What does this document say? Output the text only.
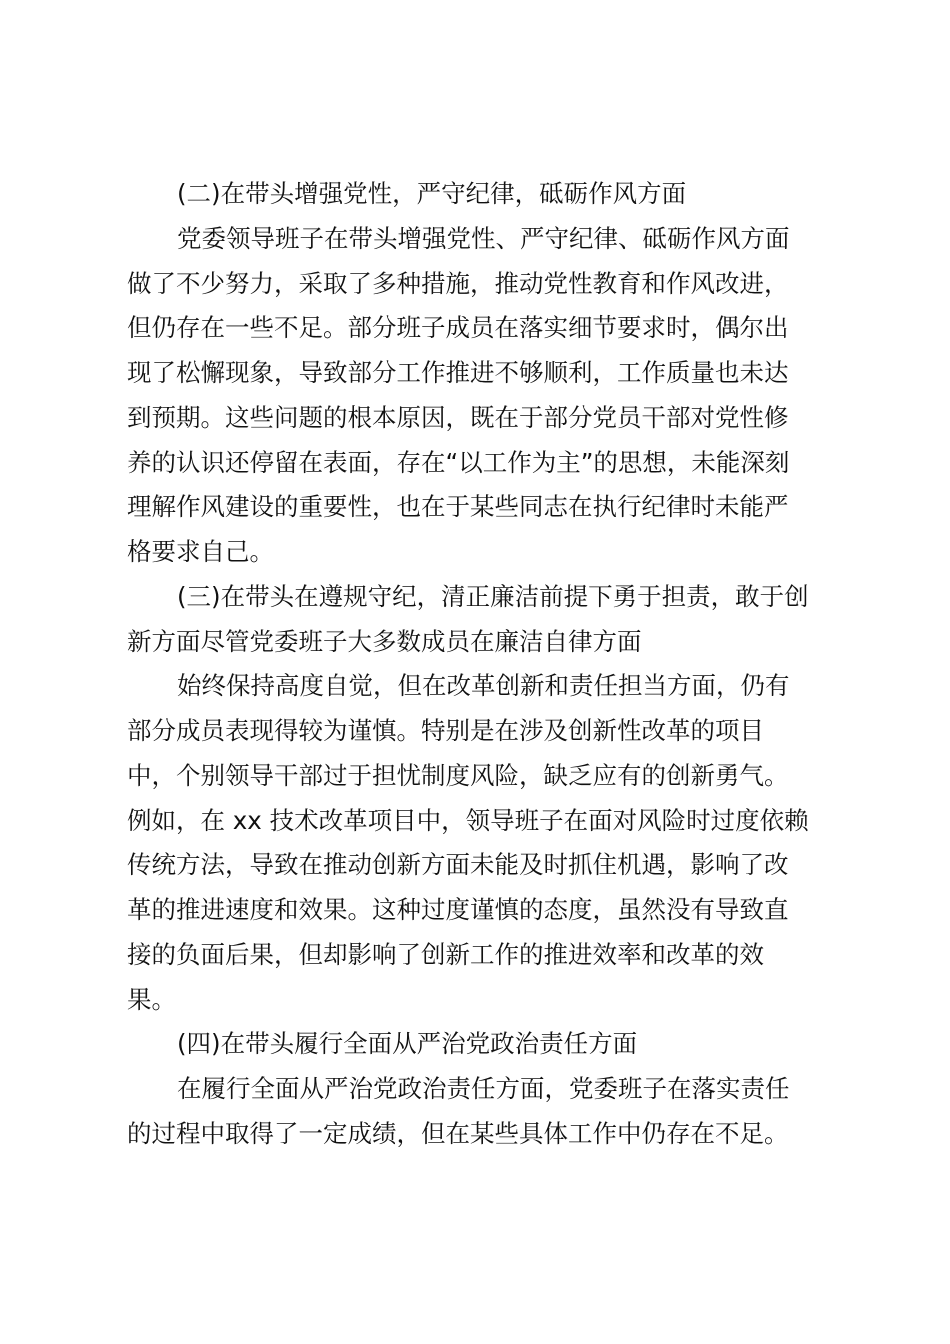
(二)在带头增强党性，严守纪律，砥砺作风方面
党委领导班子在带头增强党性、严守纪律、砥砺作风方面
做了不少努力，采取了多种措施，推动党性教育和作风改进，
但仍存在一些不足。部分班子成员在落实细节要求时，偶尔出
现了松懈现象，导致部分工作推进不够顺利，工作质量也未达
到预期。这些问题的根本原因，既在于部分党员干部对党性修
养的认识还停留在表面，存在“以工作为主”的思想，未能深刻
理解作风建设的重要性，也在于某些同志在执行纪律时未能严
格要求自己。
(三)在带头在遵规守纪，清正廉洁前提下勇于担责，敢于创
新方面尽管党委班子大多数成员在廉洁自律方面
始终保持高度自觉，但在改革创新和责任担当方面，仍有
部分成员表现得较为谨慎。特别是在涉及创新性改革的项目
中，个别领导干部过于担忧制度风险，缺乏应有的创新勇气。
例如，在 xx 技术改革项目中，领导班子在面对风险时过度依赖
传统方法，导致在推动创新方面未能及时抓住机遇，影响了改
革的推进速度和效果。这种过度谨慎的态度，虽然没有导致直
接的负面后果，但却影响了创新工作的推进效率和改革的效
果。
(四)在带头履行全面从严治党政治责任方面
在履行全面从严治党政治责任方面，党委班子在落实责任
的过程中取得了一定成绩，但在某些具体工作中仍存在不足。
